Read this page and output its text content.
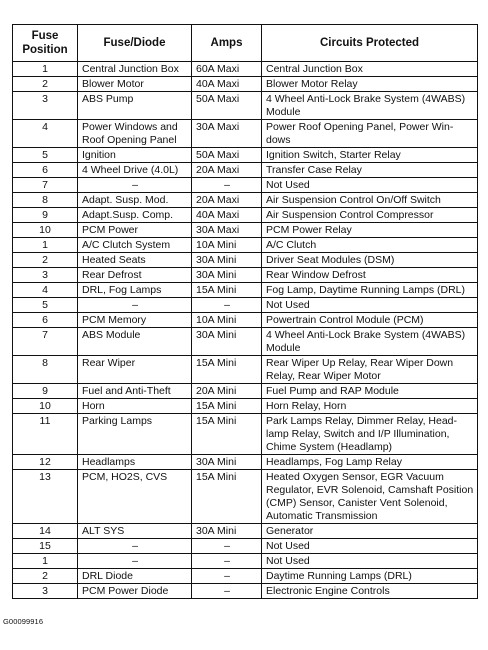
Fuse
Position	Fuse/Diode	Amps	Circuits Protected
1	Central Junction Box	60A Maxi	Central Junction Box
2	Blower Motor	40A Maxi	Blower Motor Relay
3	ABS Pump	50A Maxi	4 Wheel Anti-Lock Brake System (4WABS) Module
4	Power Windows and Roof Opening Panel	30A Maxi	Power Roof Opening Panel, Power Win-dows
5	Ignition	50A Maxi	Ignition Switch, Starter Relay
6	4 Wheel Drive (4.0L)	20A Maxi	Transfer Case Relay
7	–	–	Not Used
8	Adapt. Susp. Mod.	20A Maxi	Air Suspension Control On/Off Switch
9	Adapt.Susp. Comp.	40A Maxi	Air Suspension Control Compressor
10	PCM Power	30A Maxi	PCM Power Relay
1	A/C Clutch System	10A Mini	A/C Clutch
2	Heated Seats	30A Mini	Driver Seat Modules (DSM)
3	Rear Defrost	30A Mini	Rear Window Defrost
4	DRL, Fog Lamps	15A Mini	Fog Lamp, Daytime Running Lamps (DRL)
5	–	–	Not Used
6	PCM Memory	10A Mini	Powertrain Control Module (PCM)
7	ABS Module	30A Mini	4 Wheel Anti-Lock Brake System (4WABS) Module
8	Rear Wiper	15A Mini	Rear Wiper Up Relay, Rear Wiper Down Relay, Rear Wiper Motor
9	Fuel and Anti-Theft	20A Mini	Fuel Pump and RAP Module
10	Horn	15A Mini	Horn Relay, Horn
11	Parking Lamps	15A Mini	Park Lamps Relay, Dimmer Relay, Head-lamp Relay, Switch and I/P Illumination, Chime System (Headlamp)
12	Headlamps	30A Mini	Headlamps, Fog Lamp Relay
13	PCM, HO2S, CVS	15A Mini	Heated Oxygen Sensor, EGR Vacuum Regulator, EVR Solenoid, Camshaft Position (CMP) Sensor, Canister Vent Solenoid, Automatic Transmission
14	ALT SYS	30A Mini	Generator
15	–	–	Not Used
1	–	–	Not Used
2	DRL Diode	–	Daytime Running Lamps (DRL)
3	PCM Power Diode	–	Electronic Engine Controls
G00099916
